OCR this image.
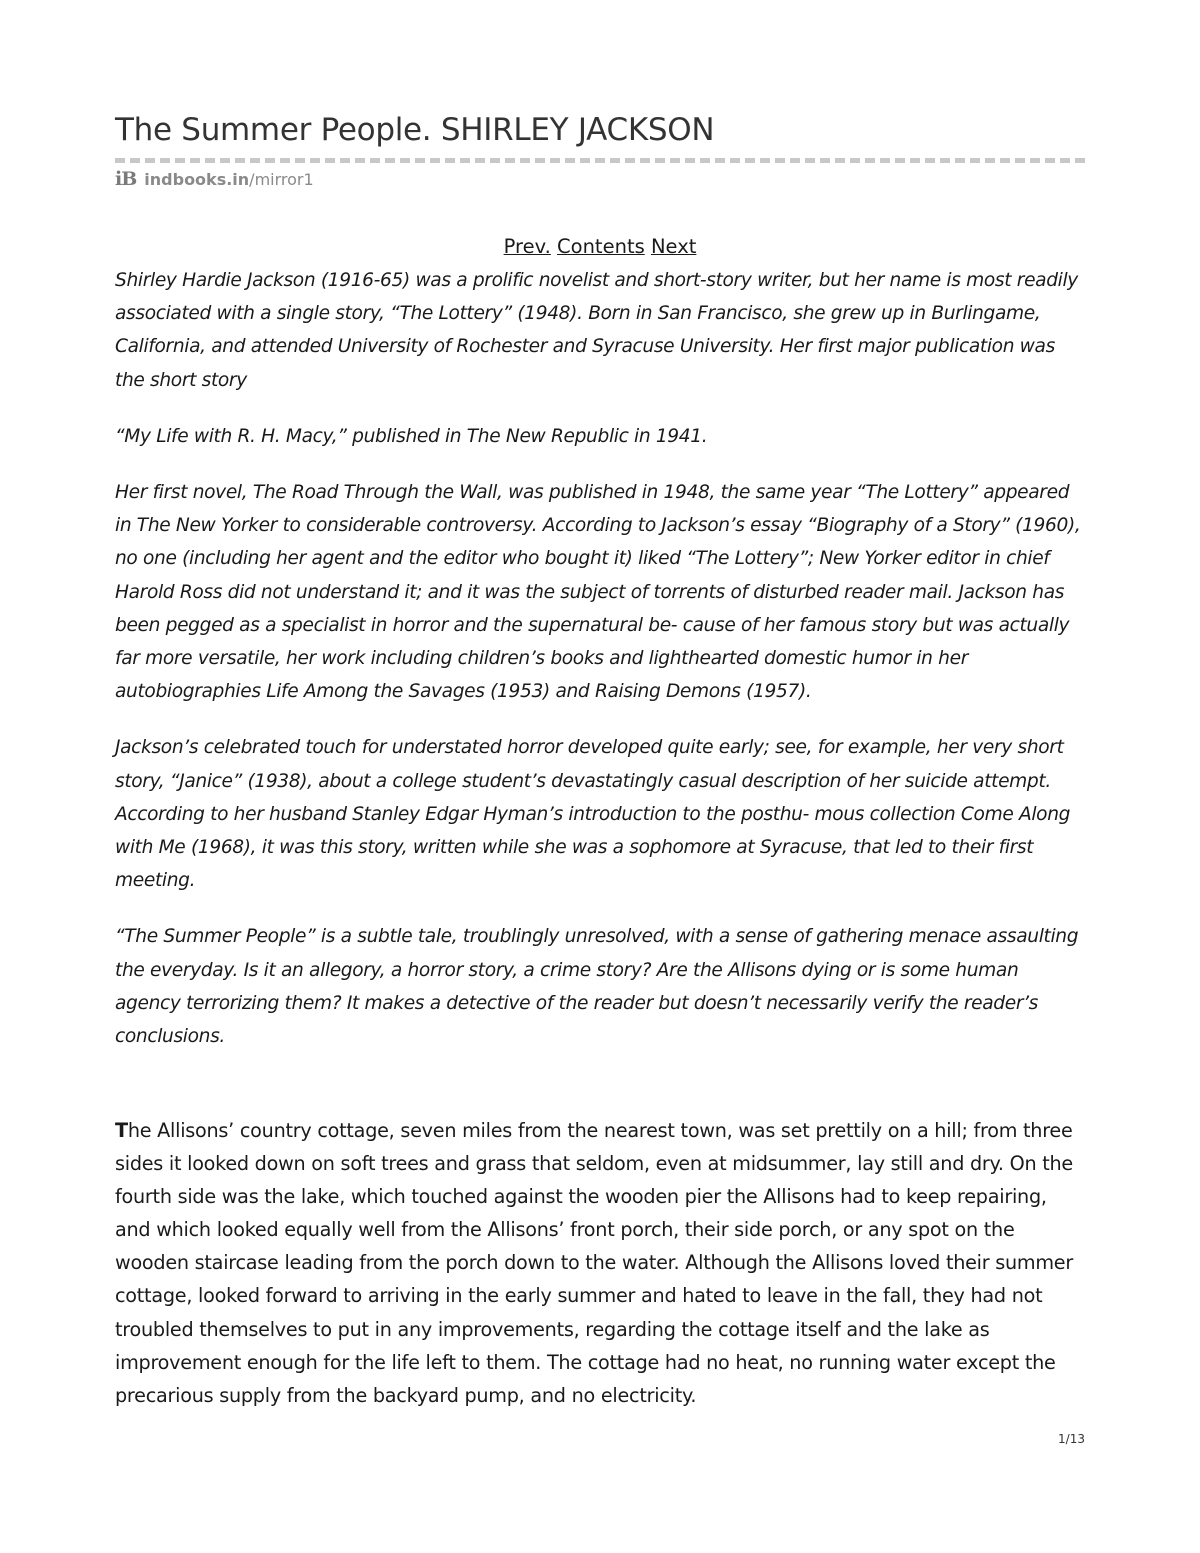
The Summer People. SHIRLEY JACKSON
iB indbooks.in /mirror1
Prev. Contents Next

Shirley Hardie Jackson (1916-65) was a prolific novelist and short-story writer, but her name is most readily associated with a single story, “The Lottery” (1948). Born in San Francisco, she grew up in Burlingame, California, and attended University of Rochester and Syracuse University. Her first major publication was the short story

“My Life with R. H. Macy,” published in The New Republic in 1941.

Her first novel, The Road Through the Wall, was published in 1948, the same year “The Lottery” appeared in The New Yorker to considerable controversy. According to Jackson’s essay “Biography of a Story” (1960), no one (including her agent and the editor who bought it) liked “The Lottery”; New Yorker editor in chief Harold Ross did not understand it; and it was the subject of torrents of disturbed reader mail. Jackson has been pegged as a specialist in horror and the supernatural be- cause of her famous story but was actually far more versatile, her work including children’s books and lighthearted domestic humor in her autobiographies Life Among the Savages (1953) and Raising Demons (1957).

Jackson’s celebrated touch for understated horror developed quite early; see, for example, her very short story, “Janice” (1938), about a college student’s devastatingly casual description of her suicide attempt. According to her husband Stanley Edgar Hyman’s introduction to the posthu- mous collection Come Along with Me (1968), it was this story, written while she was a sophomore at Syracuse, that led to their first meeting.

“The Summer People” is a subtle tale, troublingly unresolved, with a sense of gathering menace assaulting the everyday. Is it an allegory, a horror story, a crime story? Are the Allisons dying or is some human agency terrorizing them? It makes a detective of the reader but doesn’t necessarily verify the reader’s conclusions.

The Allisons’ country cottage, seven miles from the nearest town, was set prettily on a hill; from three sides it looked down on soft trees and grass that seldom, even at midsummer, lay still and dry. On the fourth side was the lake, which touched against the wooden pier the Allisons had to keep repairing, and which looked equally well from the Allisons’ front porch, their side porch, or any spot on the wooden staircase leading from the porch down to the water. Although the Allisons loved their summer cottage, looked forward to arriving in the early summer and hated to leave in the fall, they had not troubled themselves to put in any improvements, regarding the cottage itself and the lake as improvement enough for the life left to them. The cottage had no heat, no running water except the precarious supply from the backyard pump, and no electricity.

1/13
